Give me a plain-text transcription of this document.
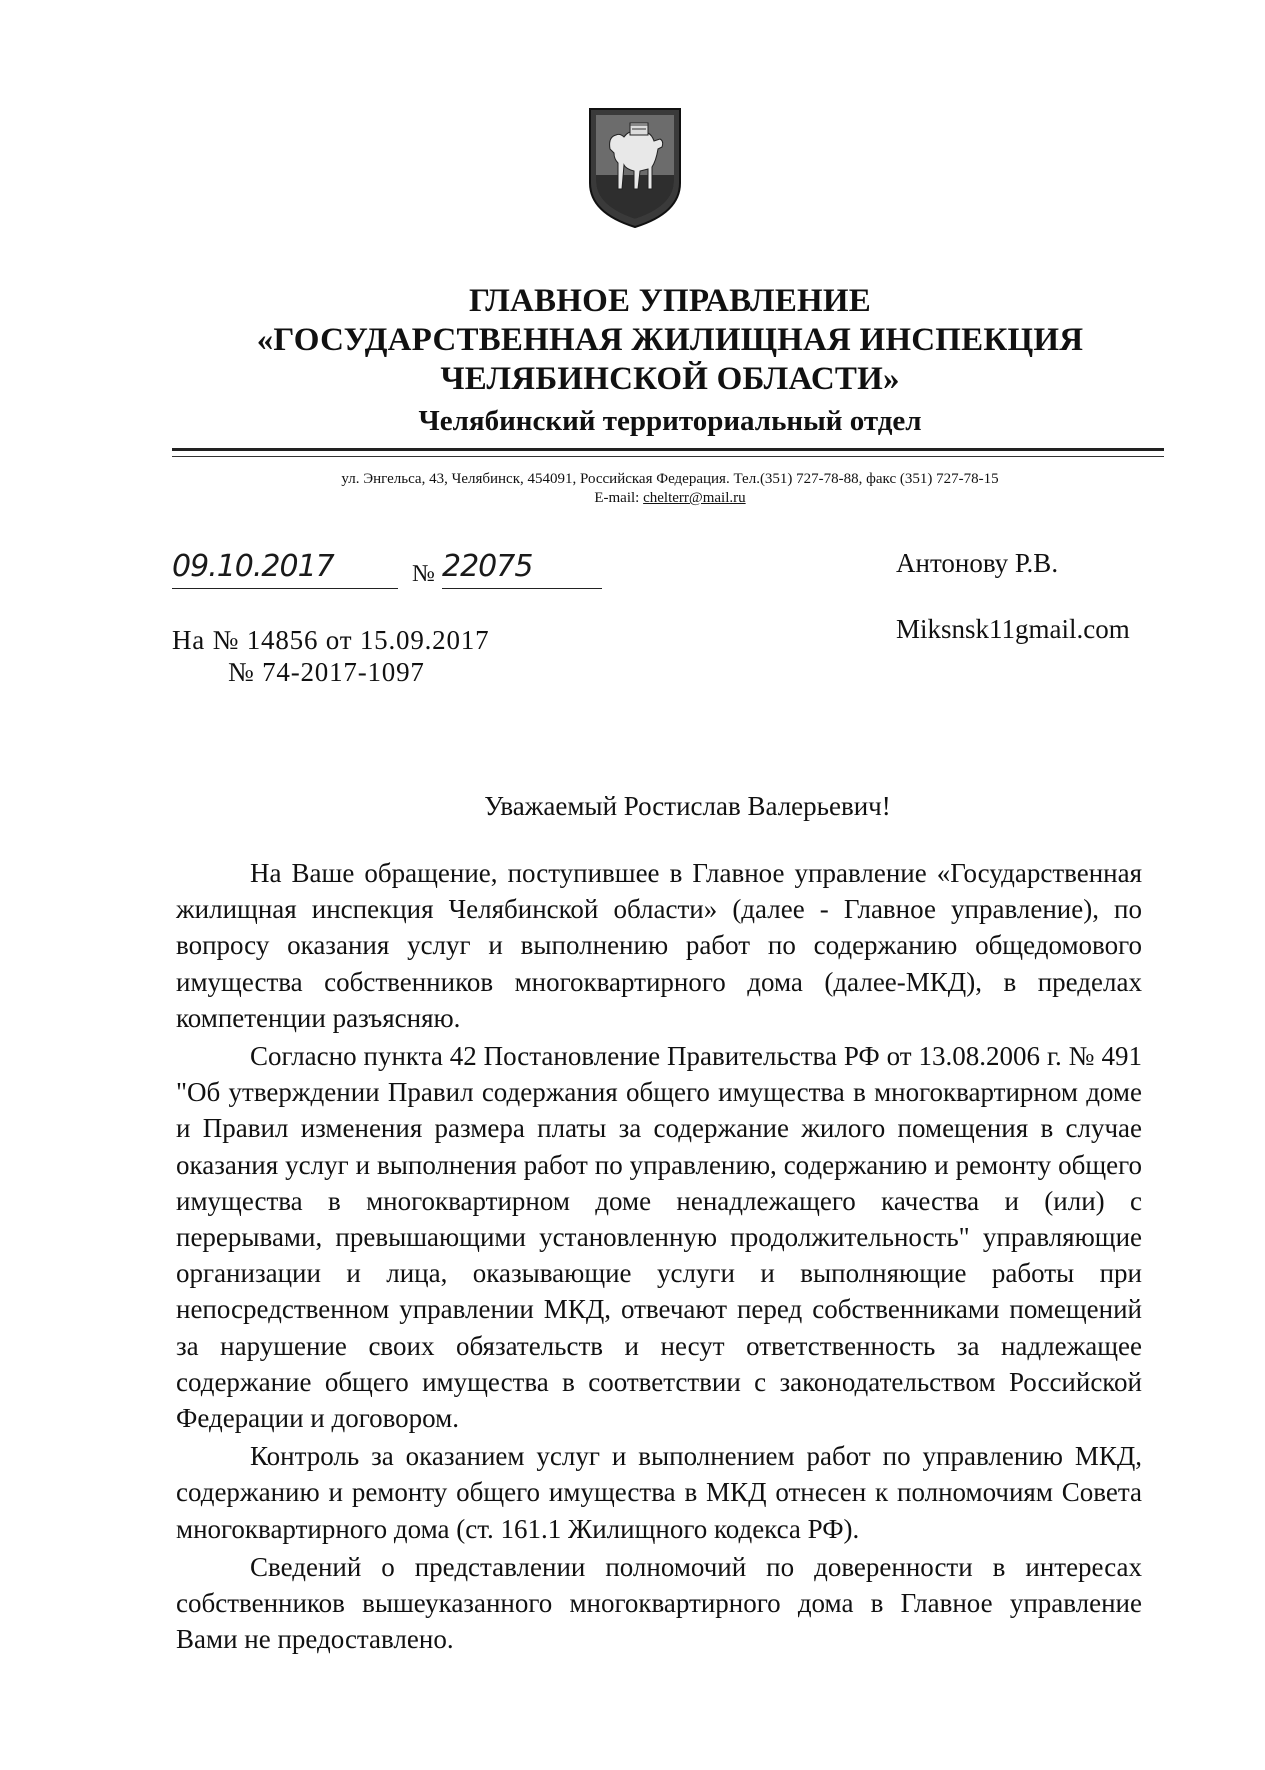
ГЛАВНОЕ УПРАВЛЕНИЕ
«ГОСУДАРСТВЕННАЯ ЖИЛИЩНАЯ ИНСПЕКЦИЯ
ЧЕЛЯБИНСКОЙ ОБЛАСТИ»
Челябинский территориальный отдел
ул. Энгельса, 43, Челябинск, 454091, Российская Федерация. Тел.(351) 727-78-88, факс (351) 727-78-15
E-mail: cheltеrr@mail.ru
09.10.2017	№ 22075
На № 14856 от 15.09.2017
№ 74-2017-1097
Антонову Р.В.
Miksnsk11gmail.com
Уважаемый Ростислав Валерьевич!

На Ваше обращение, поступившее в Главное управление «Государственная жилищная инспекция Челябинской области» (далее - Главное управление), по вопросу оказания услуг и выполнению работ по содержанию общедомового имущества собственников многоквартирного дома (далее-МКД), в пределах компетенции разъясняю.

Согласно пункта 42 Постановление Правительства РФ от 13.08.2006 г. № 491 "Об утверждении Правил содержания общего имущества в многоквартирном доме и Правил изменения размера платы за содержание жилого помещения в случае оказания услуг и выполнения работ по управлению, содержанию и ремонту общего имущества в многоквартирном доме ненадлежащего качества и (или) с перерывами, превышающими установленную продолжительность" управляющие организации и лица, оказывающие услуги и выполняющие работы при непосредственном управлении МКД, отвечают перед собственниками помещений за нарушение своих обязательств и несут ответственность за надлежащее содержание общего имущества в соответствии с законодательством Российской Федерации и договором.

Контроль за оказанием услуг и выполнением работ по управлению МКД, содержанию и ремонту общего имущества в МКД отнесен к полномочиям Совета многоквартирного дома (ст. 161.1 Жилищного кодекса РФ).

Сведений о представлении полномочий по доверенности в интересах собственников вышеуказанного многоквартирного дома в Главное управление Вами не предоставлено.
